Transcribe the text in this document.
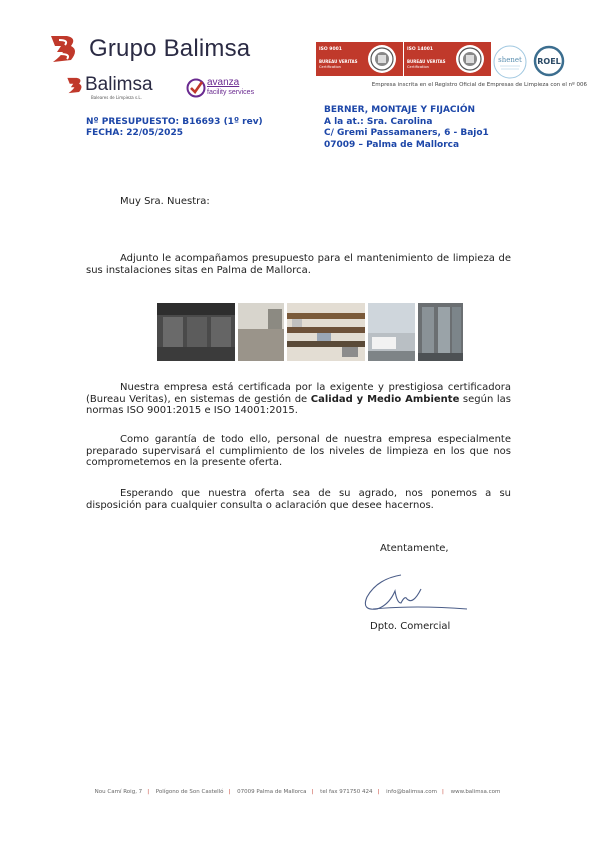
Grupo Balimsa
Balimsa
Baleares de Limpieza s.L.
avanza
facility services
ISO 9001
BUREAU VERITAS
Certification
ISO 14001
BUREAU VERITAS
Certification
shenet ROEL
Empresa inscrita en el Registro Oficial de Empresas de Limpieza con el nº 006
Nº PRESUPUESTO: B16693 (1º rev)
FECHA: 22/05/2025
BERNER, MONTAJE Y FIJACIÓN
A la at.: Sra. Carolina
C/ Gremi Passamaners, 6 - Bajo1
07009 – Palma de Mallorca
Muy Sra. Nuestra:

Adjunto le acompañamos presupuesto para el mantenimiento de limpieza de sus instalaciones sitas en Palma de Mallorca.

Nuestra empresa está certificada por la exigente y prestigiosa certificadora (Bureau Veritas), en sistemas de gestión de Calidad y Medio Ambiente según las normas ISO 9001:2015 e ISO 14001:2015.

Como garantía de todo ello, personal de nuestra empresa especialmente preparado supervisará el cumplimiento de los niveles de limpieza en los que nos comprometemos en la presente oferta.

Esperando que nuestra oferta sea de su agrado, nos ponemos a su disposición para cualquier consulta o aclaración que desee hacernos.

Atentamente,
Dpto. Comercial
Nou Camí Roig, 7 | Polígono de Son Castelló | 07009 Palma de Mallorca | tel fax 971750 424 | info@balimsa.com | www.balimsa.com
